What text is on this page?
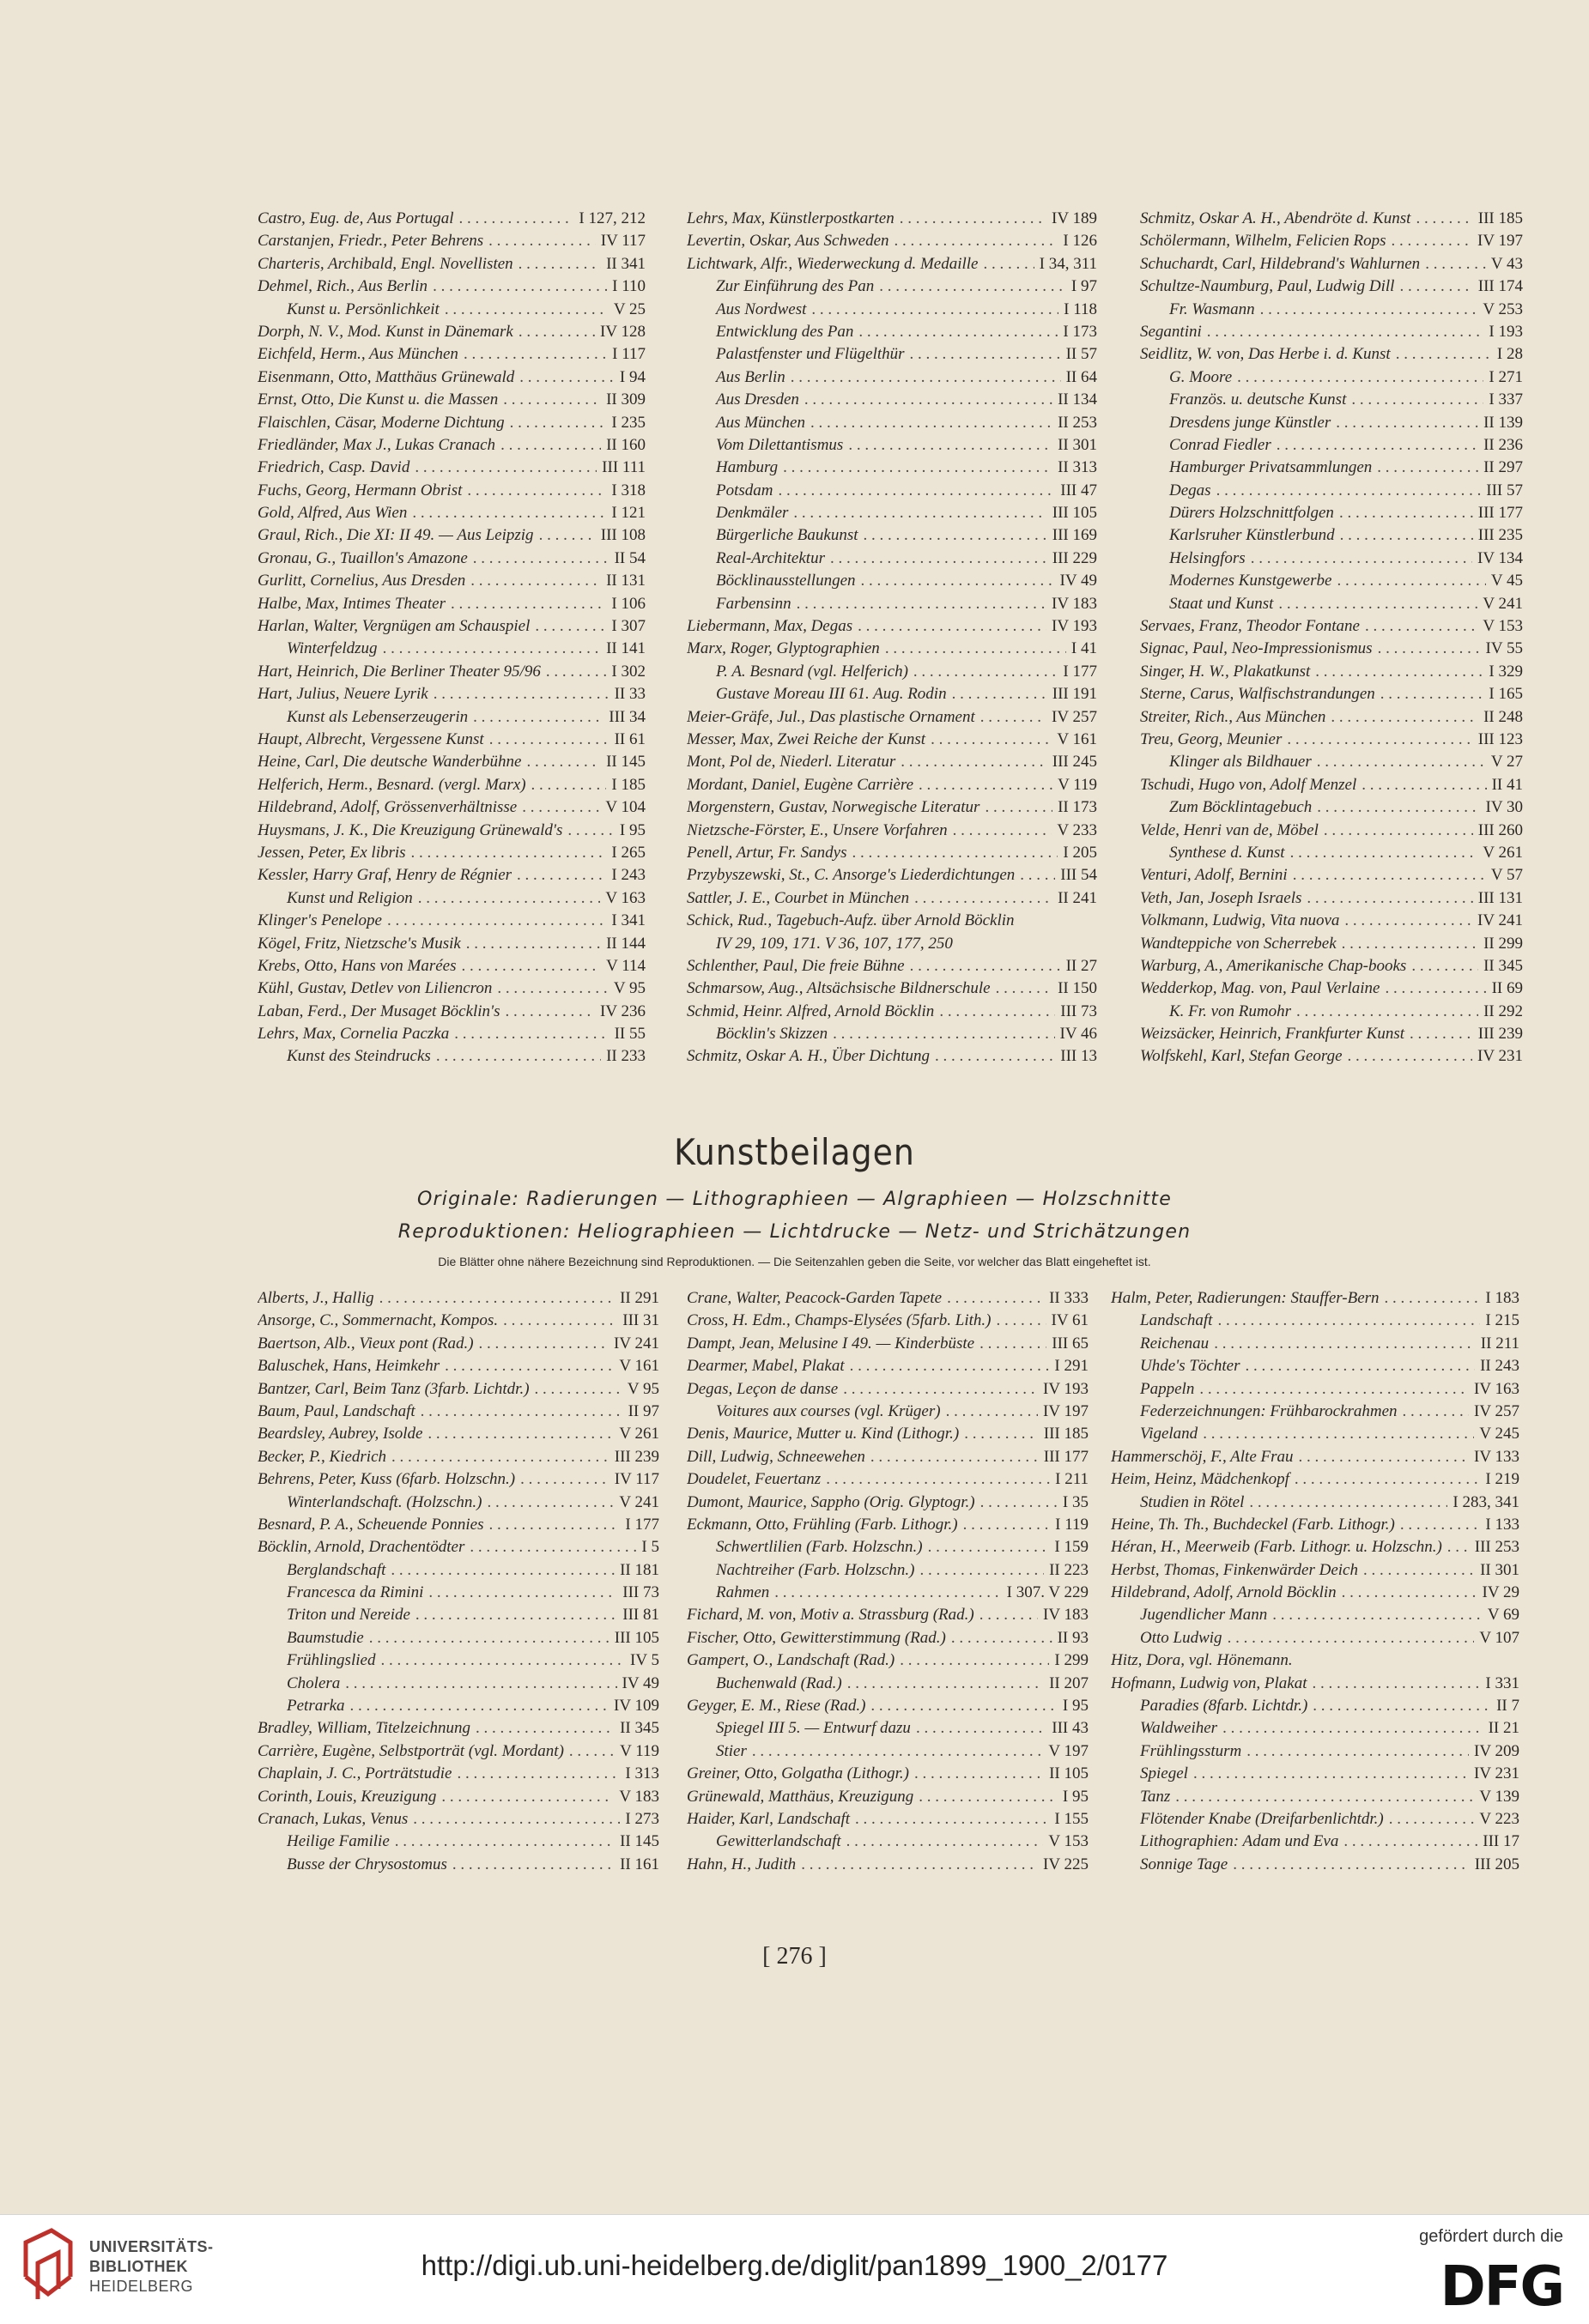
Castro, Eug. de, Aus Portugal . . .	I 127, 212
Carstanjen, Friedr., Peter Behrens . . .	IV 117
Charteris, Archibald, Engl. Novellisten . . .	II 341
Dehmel, Rich., Aus Berlin . . .	I 110
Kunst u. Persönlichkeit . . .	V 25
Dorph, N. V., Mod. Kunst in Dänemark . . .	IV 128
Eichfeld, Herm., Aus München . . .	I 117
Eisenmann, Otto, Matthäus Grünewald . . .	I 94
Ernst, Otto, Die Kunst u. die Massen . . .	II 309
Flaischlen, Cäsar, Moderne Dichtung . . .	I 235
Friedländer, Max J., Lukas Cranach . . .	II 160
Friedrich, Casp. David . . .	III 111
Fuchs, Georg, Hermann Obrist . . .	I 318
Gold, Alfred, Aus Wien . . .	I 121
Graul, Rich., Die XI: II 49. — Aus Leipzig . . .	III 108
Gronau, G., Tuaillon's Amazone . . .	II 54
Gurlitt, Cornelius, Aus Dresden . . .	II 131
Halbe, Max, Intimes Theater . . .	I 106
Harlan, Walter, Vergnügen am Schauspiel . . .	I 307
Winterfeldzug . . .	II 141
Hart, Heinrich, Die Berliner Theater 95/96 . . .	I 302
Hart, Julius, Neuere Lyrik . . .	II 33
Kunst als Lebenserzeugerin . . .	III 34
Haupt, Albrecht, Vergessene Kunst . . .	II 61
Heine, Carl, Die deutsche Wanderbühne . . .	II 145
Helferich, Herm., Besnard. (vergl. Marx) . . .	I 185
Hildebrand, Adolf, Grössenverhältnisse . . .	V 104
Huysmans, J. K., Die Kreuzigung Grünewald's . . .	I 95
Jessen, Peter, Ex libris . . .	I 265
Kessler, Harry Graf, Henry de Régnier . . .	I 243
Kunst und Religion . . .	V 163
Klinger's Penelope . . .	I 341
Kögel, Fritz, Nietzsche's Musik . . .	II 144
Krebs, Otto, Hans von Marées . . .	V 114
Kühl, Gustav, Detlev von Liliencron . . .	V 95
Laban, Ferd., Der Musaget Böcklin's . . .	IV 236
Lehrs, Max, Cornelia Paczka . . .	II 55
Kunst des Steindrucks . . .	II 233
Lehrs, Max, Künstlerpostkarten . . .	IV 189
Levertin, Oskar, Aus Schweden . . .	I 126
Lichtwark, Alfr., Wiederweckung d. Medaille . . .	I 34, 311
Zur Einführung des Pan . . .	I 97
Aus Nordwest . . .	I 118
Entwicklung des Pan . . .	I 173
Palastfenster und Flügelthür . . .	II 57
Aus Berlin . . .	II 64
Aus Dresden . . .	II 134
Aus München . . .	II 253
Vom Dilettantismus . . .	II 301
Hamburg . . .	II 313
Potsdam . . .	III 47
Denkmäler . . .	III 105
Bürgerliche Baukunst . . .	III 169
Real-Architektur . . .	III 229
Böcklinausstellungen . . .	IV 49
Farbensinn . . .	IV 183
Liebermann, Max, Degas . . .	IV 193
Marx, Roger, Glyptographien . . .	I 41
P. A. Besnard (vgl. Helferich) . . .	I 177
Gustave Moreau III 61. Aug. Rodin . . .	III 191
Meier-Gräfe, Jul., Das plastische Ornament . . .	IV 257
Messer, Max, Zwei Reiche der Kunst . . .	V 161
Mont, Pol de, Niederl. Literatur . . .	III 245
Mordant, Daniel, Eugène Carrière . . .	V 119
Morgenstern, Gustav, Norwegische Literatur . . .	II 173
Nietzsche-Förster, E., Unsere Vorfahren . . .	V 233
Penell, Artur, Fr. Sandys . . .	I 205
Przybyszewski, St., C. Ansorge's Liederdichtungen . . .	III 54
Sattler, J. E., Courbet in München . . .	II 241
Schick, Rud., Tagebuch-Aufz. über Arnold Böcklin
IV 29, 109, 171. V 36, 107, 177, 250
Schlenther, Paul, Die freie Bühne . . .	II 27
Schmarsow, Aug., Altsächsische Bildnerschule . . .	II 150
Schmid, Heinr. Alfred, Arnold Böcklin . . .	III 73
Böcklin's Skizzen . . .	IV 46
Schmitz, Oskar A. H., Über Dichtung . . .	III 13
Schmitz, Oskar A. H., Abendröte d. Kunst . . .	III 185
Schölermann, Wilhelm, Felicien Rops . . .	IV 197
Schuchardt, Carl, Hildebrand's Wahlurnen . . .	V 43
Schultze-Naumburg, Paul, Ludwig Dill . . .	III 174
Fr. Wasmann . . .	V 253
Segantini . . .	I 193
Seidlitz, W. von, Das Herbe i. d. Kunst . . .	I 28
G. Moore . . .	I 271
Französ. u. deutsche Kunst . . .	I 337
Dresdens junge Künstler . . .	II 139
Conrad Fiedler . . .	II 236
Hamburger Privatsammlungen . . .	II 297
Degas . . .	III 57
Dürers Holzschnittfolgen . . .	III 177
Karlsruher Künstlerbund . . .	III 235
Helsingfors . . .	IV 134
Modernes Kunstgewerbe . . .	V 45
Staat und Kunst . . .	V 241
Servaes, Franz, Theodor Fontane . . .	V 153
Signac, Paul, Neo-Impressionismus . . .	IV 55
Singer, H. W., Plakatkunst . . .	I 329
Sterne, Carus, Walfischstrandungen . . .	I 165
Streiter, Rich., Aus München . . .	II 248
Treu, Georg, Meunier . . .	III 123
Klinger als Bildhauer . . .	V 27
Tschudi, Hugo von, Adolf Menzel . . .	II 41
Zum Böcklintagebuch . . .	IV 30
Velde, Henri van de, Möbel . . .	III 260
Synthese d. Kunst . . .	V 261
Venturi, Adolf, Bernini . . .	V 57
Veth, Jan, Joseph Israels . . .	III 131
Volkmann, Ludwig, Vita nuova . . .	IV 241
Wandteppiche von Scherrebek . . .	II 299
Warburg, A., Amerikanische Chap-books . . .	II 345
Wedderkop, Mag. von, Paul Verlaine . . .	II 69
K. Fr. von Rumohr . . .	II 292
Weizsäcker, Heinrich, Frankfurter Kunst . . .	III 239
Wolfskehl, Karl, Stefan George . . .	IV 231
Kunstbeilagen
Originale: Radierungen — Lithographieen — Algraphieen — Holzschnitte
Reproduktionen: Heliographieen — Lichtdrucke — Netz- und Strichätzungen
Die Blätter ohne nähere Bezeichnung sind Reproduktionen. — Die Seitenzahlen geben die Seite, vor welcher das Blatt eingeheftet ist.
Alberts, J., Hallig . . .	II 291
Ansorge, C., Sommernacht, Kompos. . . .	III 31
Baertson, Alb., Vieux pont (Rad.) . . .	IV 241
Baluschek, Hans, Heimkehr . . .	V 161
Bantzer, Carl, Beim Tanz (3farb. Lichtdr.) . . .	V 95
Baum, Paul, Landschaft . . .	II 97
Beardsley, Aubrey, Isolde . . .	V 261
Becker, P., Kiedrich . . .	III 239
Behrens, Peter, Kuss (6farb. Holzschn.) . . .	IV 117
Winterlandschaft. (Holzschn.) . . .	V 241
Besnard, P. A., Scheuende Ponnies . . .	I 177
Böcklin, Arnold, Drachentödter . . .	I 5
Berglandschaft . . .	II 181
Francesca da Rimini . . .	III 73
Triton und Nereide . . .	III 81
Baumstudie . . .	III 105
Frühlingslied . . .	IV 5
Cholera . . .	IV 49
Petrarka . . .	IV 109
Bradley, William, Titelzeichnung . . .	II 345
Carrière, Eugène, Selbstporträt (vgl. Mordant) . . .	V 119
Chaplain, J. C., Porträtstudie . . .	I 313
Corinth, Louis, Kreuzigung . . .	V 183
Cranach, Lukas, Venus . . .	I 273
Heilige Familie . . .	II 145
Busse der Chrysostomus . . .	II 161
Crane, Walter, Peacock-Garden Tapete . . .	II 333
Cross, H. Edm., Champs-Elysées (5farb. Lith.) . . .	IV 61
Dampt, Jean, Melusine I 49. — Kinderbüste . . .	III 65
Dearmer, Mabel, Plakat . . .	I 291
Degas, Leçon de danse . . .	IV 193
Voitures aux courses (vgl. Krüger) . . .	IV 197
Denis, Maurice, Mutter u. Kind (Lithogr.) . . .	III 185
Dill, Ludwig, Schneewehen . . .	III 177
Doudelet, Feuertanz . . .	I 211
Dumont, Maurice, Sappho (Orig. Glyptogr.) . . .	I 35
Eckmann, Otto, Frühling (Farb. Lithogr.) . . .	I 119
Schwertlilien (Farb. Holzschn.) . . .	I 159
Nachtreiher (Farb. Holzschn.) . . .	II 223
Rahmen . . .	I 307. V 229
Fichard, M. von, Motiv a. Strassburg (Rad.) . . .	IV 183
Fischer, Otto, Gewitterstimmung (Rad.) . . .	II 93
Gampert, O., Landschaft (Rad.) . . .	I 299
Buchenwald (Rad.) . . .	II 207
Geyger, E. M., Riese (Rad.) . . .	I 95
Spiegel III 5. — Entwurf dazu . . .	III 43
Stier . . .	V 197
Greiner, Otto, Golgatha (Lithogr.) . . .	II 105
Grünewald, Matthäus, Kreuzigung . . .	I 95
Haider, Karl, Landschaft . . .	I 155
Gewitterlandschaft . . .	V 153
Hahn, H., Judith . . .	IV 225
Halm, Peter, Radierungen: Stauffer-Bern . . .	I 183
Landschaft . . .	I 215
Reichenau . . .	II 211
Uhde's Töchter . . .	II 243
Pappeln . . .	IV 163
Federzeichnungen: Frühbarockrahmen . . .	IV 257
Vigeland . . .	V 245
Hammerschöj, F., Alte Frau . . .	IV 133
Heim, Heinz, Mädchenkopf . . .	I 219
Studien in Rötel . . .	I 283, 341
Heine, Th. Th., Buchdeckel (Farb. Lithogr.) . . .	I 133
Héran, H., Meerweib (Farb. Lithogr. u. Holzschn.) . . .	III 253
Herbst, Thomas, Finkenwärder Deich . . .	II 301
Hildebrand, Adolf, Arnold Böcklin . . .	IV 29
Jugendlicher Mann . . .	V 69
Otto Ludwig . . .	V 107
Hitz, Dora, vgl. Hönemann.
Hofmann, Ludwig von, Plakat . . .	I 331
Paradies (8farb. Lichtdr.) . . .	II 7
Waldweiher . . .	II 21
Frühlingssturm . . .	IV 209
Spiegel . . .	IV 231
Tanz . . .	V 139
Flötender Knabe (Dreifarbenlichtdr.) . . .	V 223
Lithographien: Adam und Eva . . .	III 17
Sonnige Tage . . .	III 205
[ 276 ]
UNIVERSITÄTS-
BIBLIOTHEK
HEIDELBERG
http://digi.ub.uni-heidelberg.de/diglit/pan1899_1900_2/0177
gefördert durch die
DFG
